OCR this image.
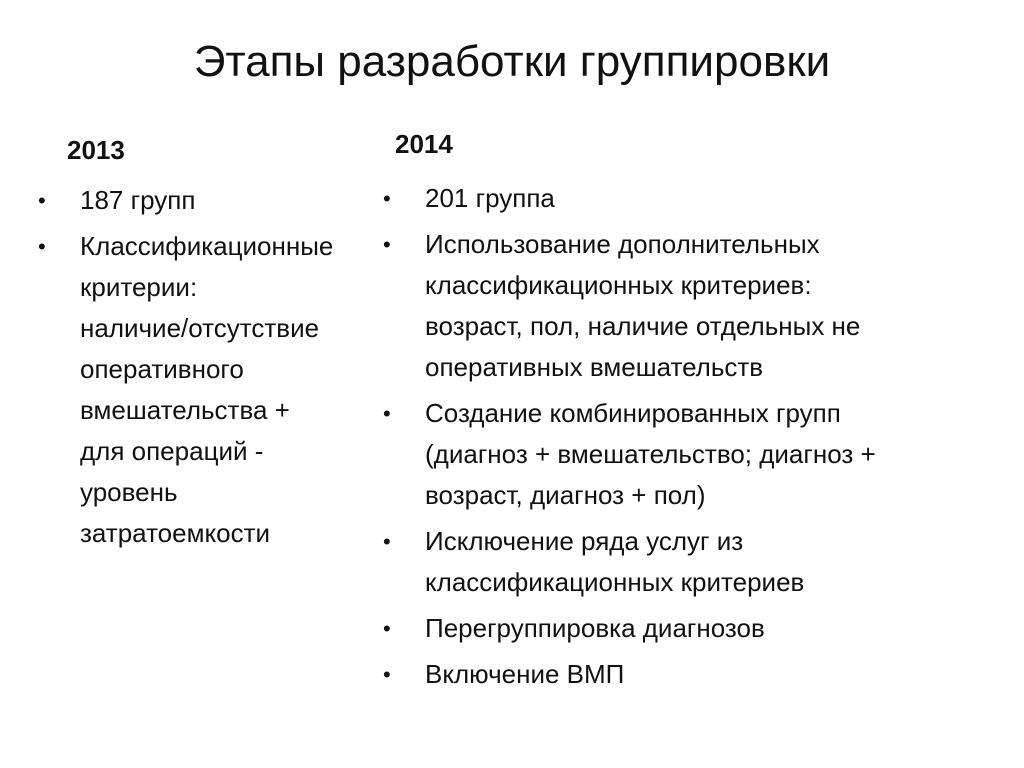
Этапы разработки группировки
2013
•	187 групп
•	Классификационные
критерии:
наличие/отсутствие
оперативного
вмешательства +
для операций -
уровень
затратоемкости
2014
•	201 группа
•	Использование дополнительных
классификационных критериев:
возраст, пол, наличие отдельных не
оперативных вмешательств
•	Создание комбинированных групп
(диагноз + вмешательство; диагноз +
возраст, диагноз + пол)
•	Исключение ряда услуг из
классификационных критериев
•	Перегруппировка диагнозов
•	Включение ВМП
